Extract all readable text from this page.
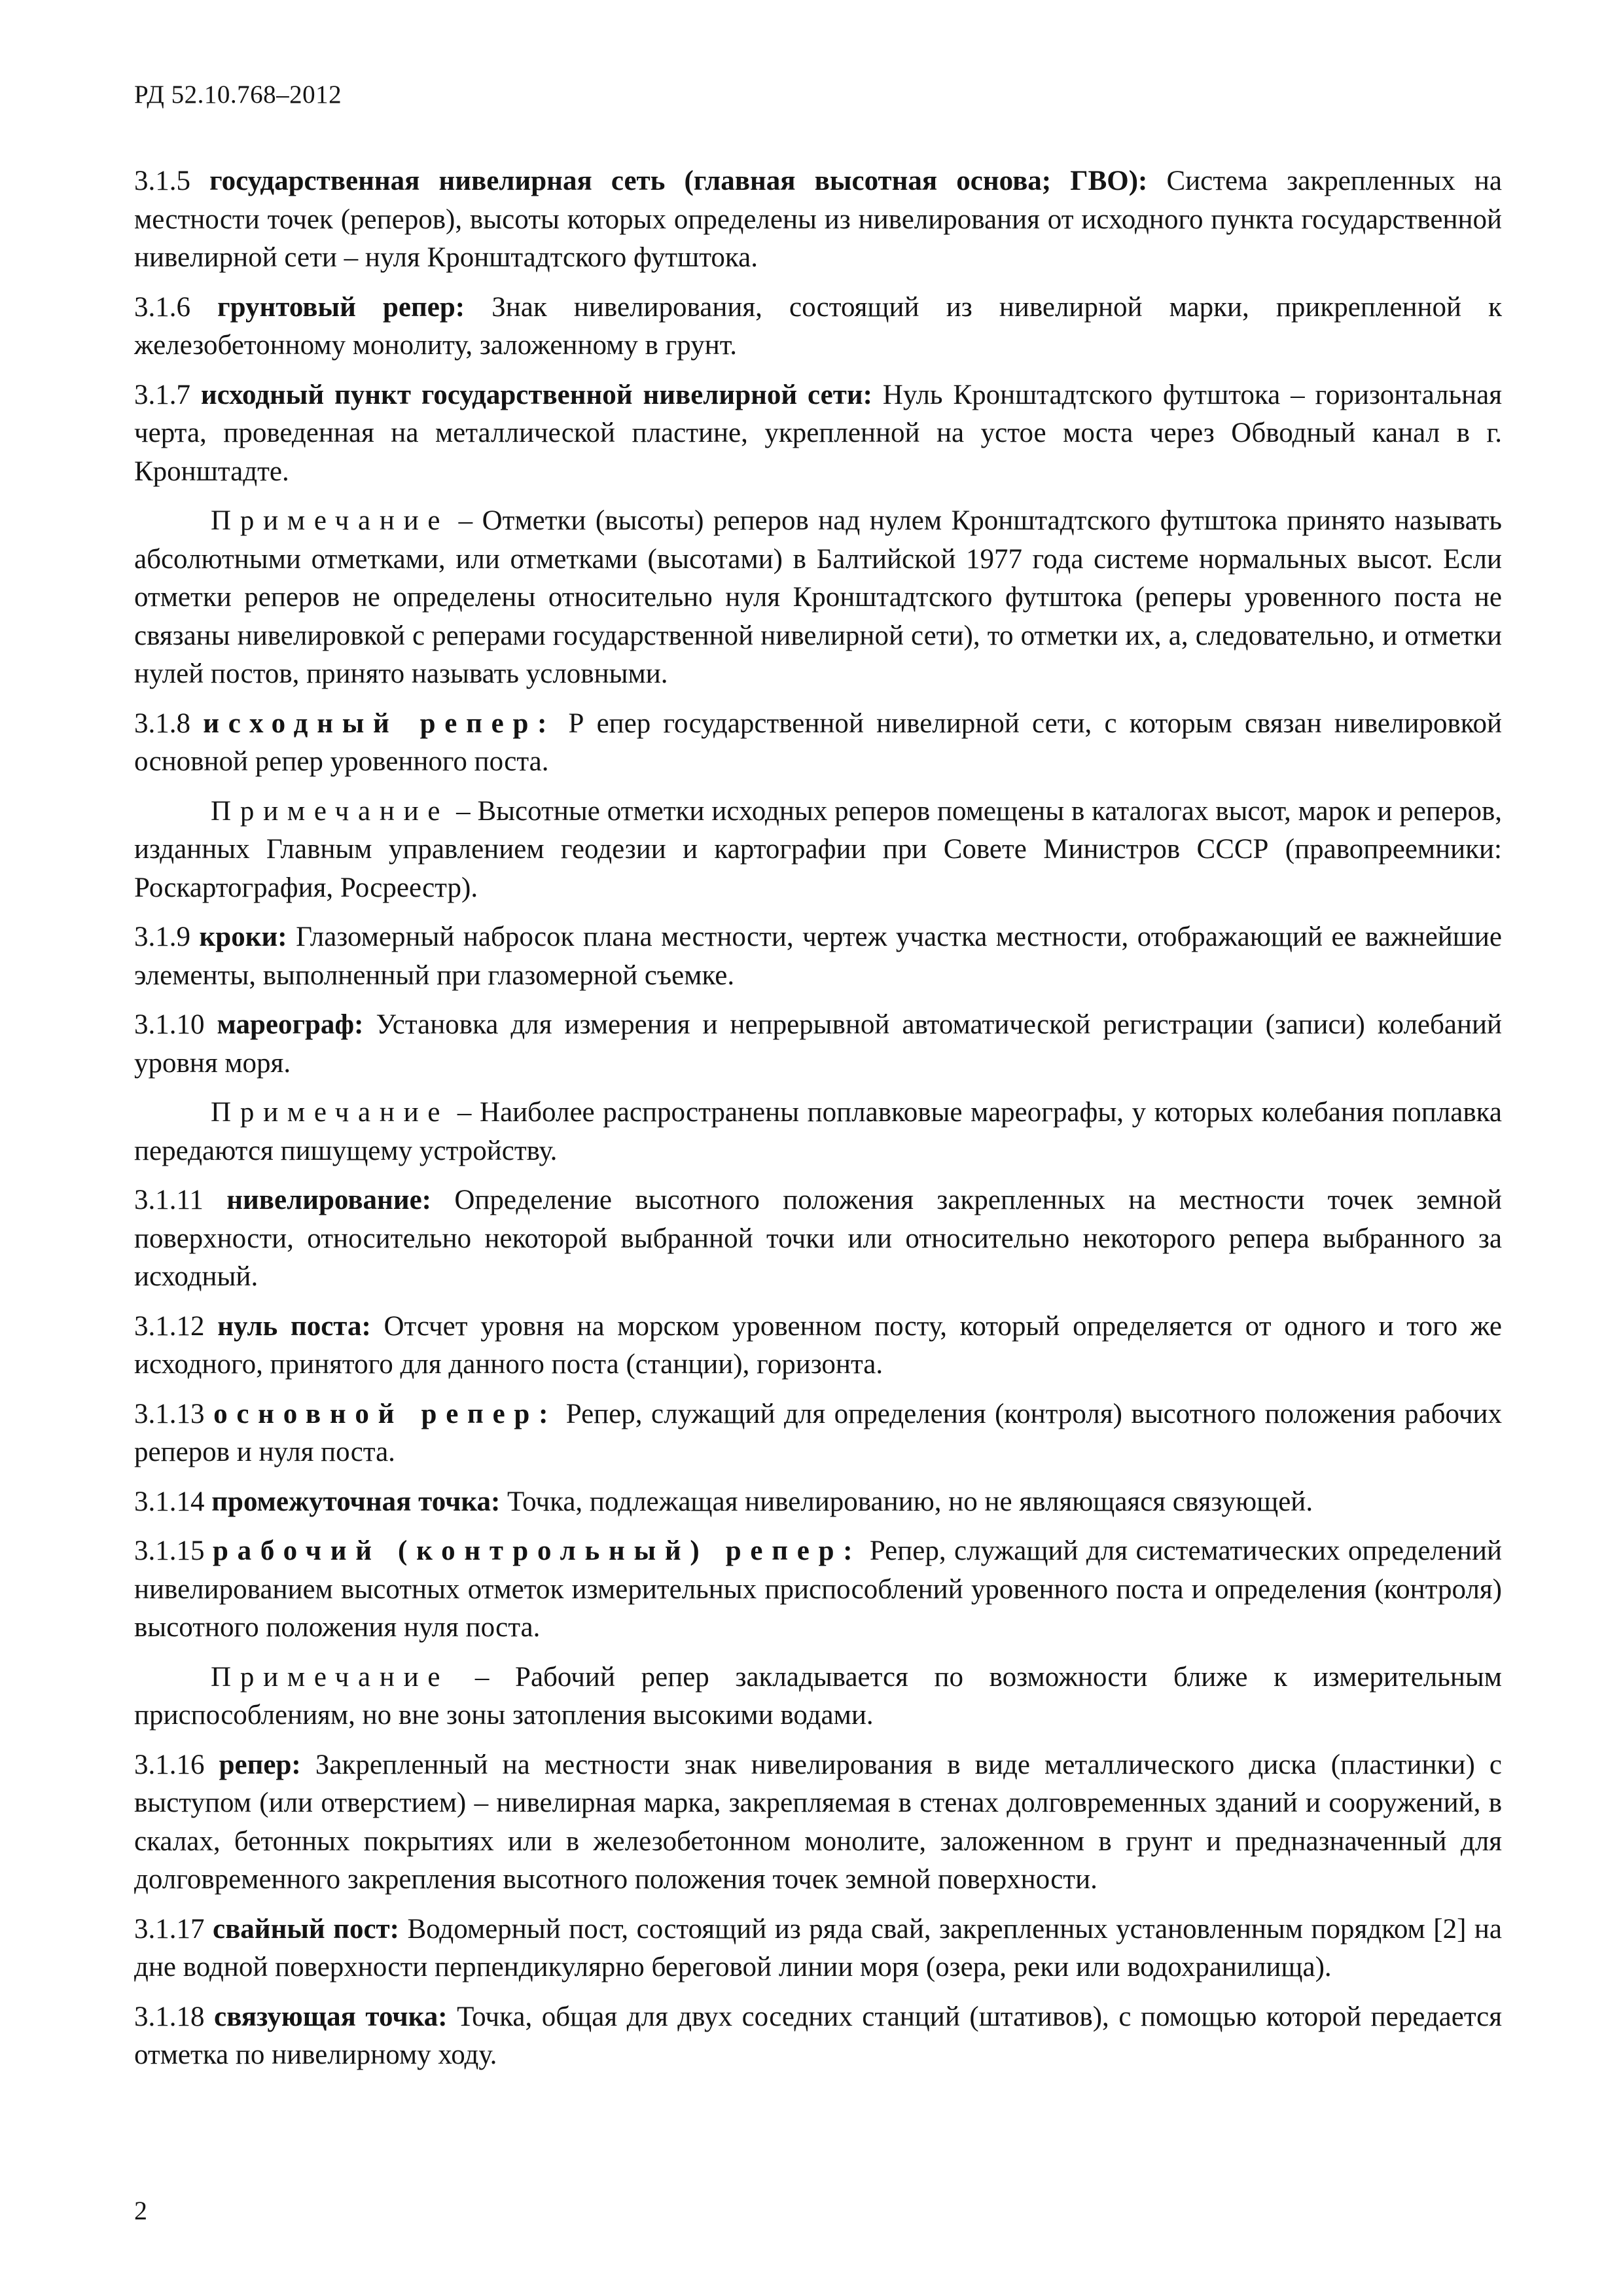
РД 52.10.768–2012

3.1.5 государственная нивелирная сеть (главная высотная основа; ГВО): Система закрепленных на местности точек (реперов), высоты которых определены из нивелирования от исходного пункта государственной нивелирной сети – нуля Кронштадтского футштока.

3.1.6 грунтовый репер: Знак нивелирования, состоящий из нивелирной марки, прикрепленной к железобетонному монолиту, заложенному в грунт.

3.1.7 исходный пункт государственной нивелирной сети: Нуль Кронштадтского футштока – горизонтальная черта, проведенная на металлической пластине, укрепленной на устое моста через Обводный канал в г. Кронштадте.

Примечание – Отметки (высоты) реперов над нулем Кронштадтского футштока принято называть абсолютными отметками, или отметками (высотами) в Балтийской 1977 года системе нормальных высот. Если отметки реперов не определены относительно нуля Кронштадтского футштока (реперы уровенного поста не связаны нивелировкой с реперами государственной нивелирной сети), то отметки их, а, следовательно, и отметки нулей постов, принято называть условными.

3.1.8 исходный репер: Р епер государственной нивелирной сети, с которым связан нивелировкой основной репер уровенного поста.

Примечание – Высотные отметки исходных реперов помещены в каталогах высот, марок и реперов, изданных Главным управлением геодезии и картографии при Совете Министров СССР (правопреемники: Роскартография, Росреестр).

3.1.9 кроки: Глазомерный набросок плана местности, чертеж участка местности, отображающий ее важнейшие элементы, выполненный при глазомерной съемке.

3.1.10 мареограф: Установка для измерения и непрерывной автоматической регистрации (записи) колебаний уровня моря.

Примечание – Наиболее распространены поплавковые мареографы, у которых колебания поплавка передаются пишущему устройству.

3.1.11 нивелирование: Определение высотного положения закрепленных на местности точек земной поверхности, относительно некоторой выбранной точки или относительно некоторого репера выбранного за исходный.

3.1.12 нуль поста: Отсчет уровня на морском уровенном посту, который определяется от одного и того же исходного, принятого для данного поста (станции), горизонта.

3.1.13 основной репер: Репер, служащий для определения (контроля) высотного положения рабочих реперов и нуля поста.

3.1.14 промежуточная точка: Точка, подлежащая нивелированию, но не являющаяся связующей.

3.1.15 рабочий (контрольный) репер: Репер, служащий для систематических определений нивелированием высотных отметок измерительных приспособлений уровенного поста и определения (контроля) высотного положения нуля поста.

Примечание – Рабочий репер закладывается по возможности ближе к измерительным приспособлениям, но вне зоны затопления высокими водами.

3.1.16 репер: Закрепленный на местности знак нивелирования в виде металлического диска (пластинки) с выступом (или отверстием) – нивелирная марка, закрепляемая в стенах долговременных зданий и сооружений, в скалах, бетонных покрытиях или в железобетонном монолите, заложенном в грунт и предназначенный для долговременного закрепления высотного положения точек земной поверхности.

3.1.17 свайный пост: Водомерный пост, состоящий из ряда свай, закрепленных установленным порядком [2] на дне водной поверхности перпендикулярно береговой линии моря (озера, реки или водохранилища).

3.1.18 связующая точка: Точка, общая для двух соседних станций (штативов), с помощью которой передается отметка по нивелирному ходу.

2
